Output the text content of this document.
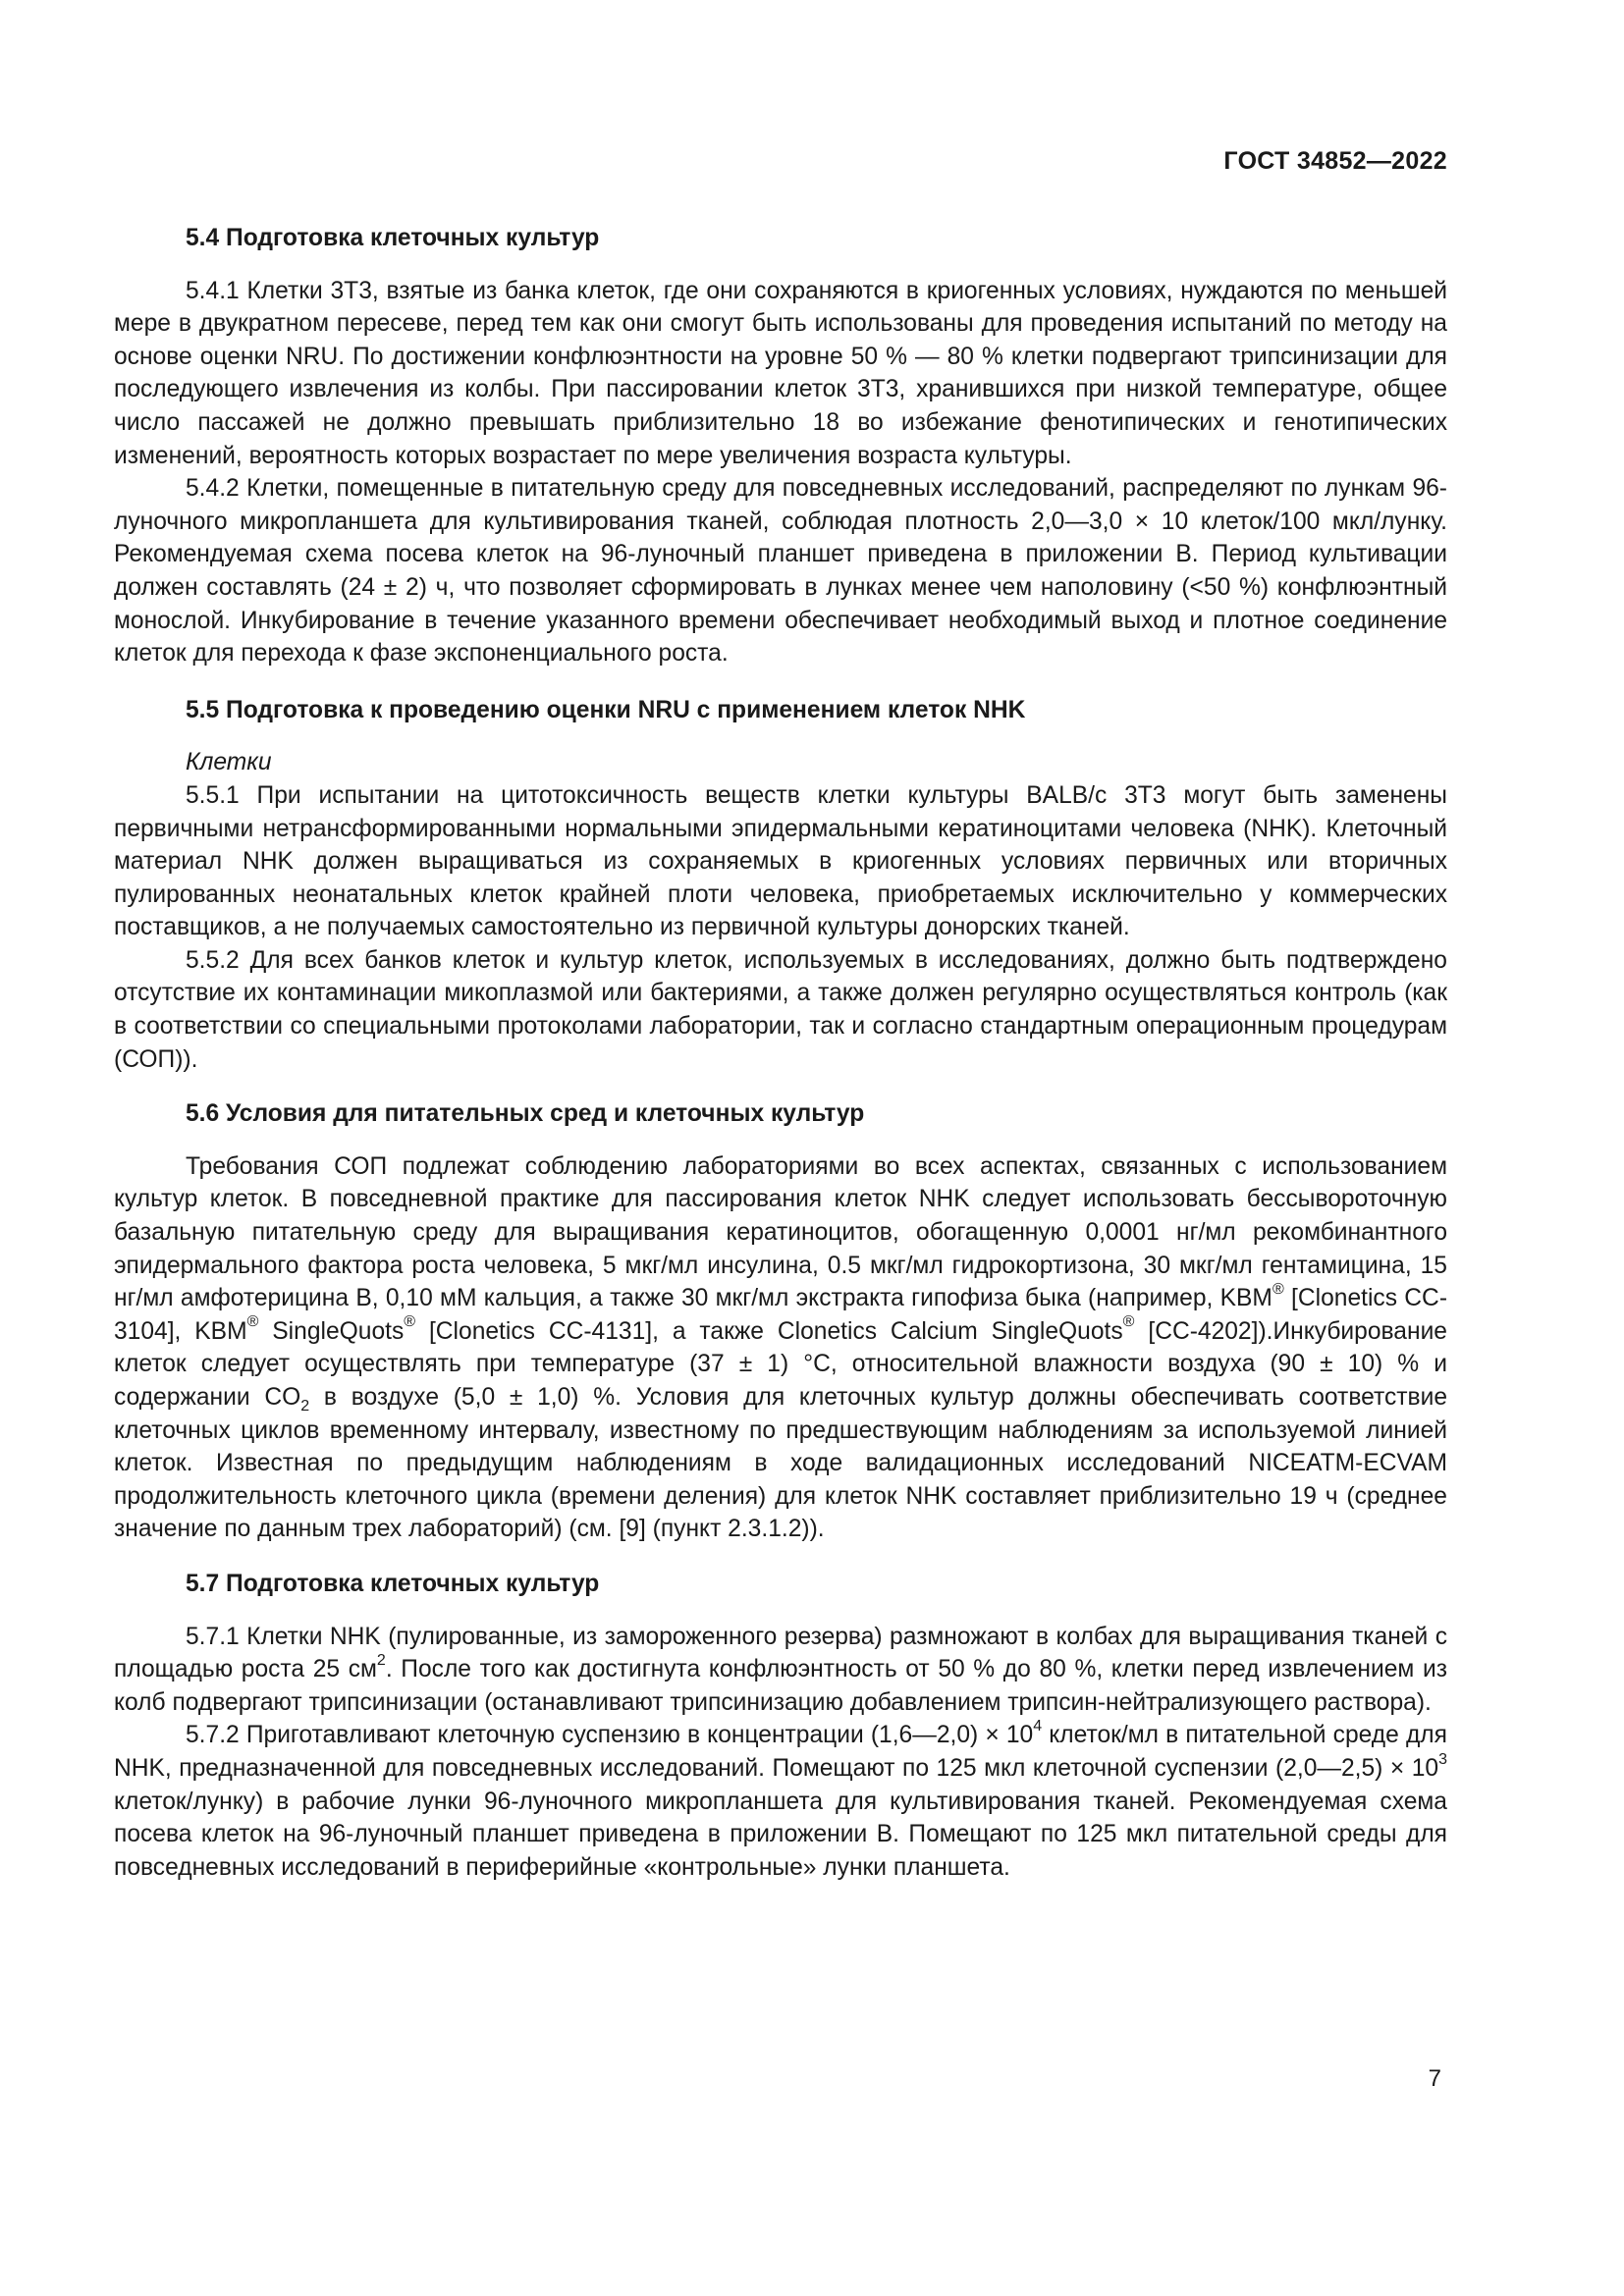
ГОСТ 34852—2022
5.4 Подготовка клеточных культур

5.4.1 Клетки 3Т3, взятые из банка клеток, где они сохраняются в криогенных условиях, нуждаются по меньшей мере в двукратном пересеве, перед тем как они смогут быть использованы для проведения испытаний по методу на основе оценки NRU. По достижении конфлюэнтности на уровне 50 % — 80 % клетки подвергают трипсинизации для последующего извлечения из колбы. При пассировании клеток 3Т3, хранившихся при низкой температуре, общее число пассажей не должно превышать приблизительно 18 во избежание фенотипических и генотипических изменений, вероятность которых возрастает по мере увеличения возраста культуры.

5.4.2 Клетки, помещенные в питательную среду для повседневных исследований, распределяют по лункам 96-луночного микропланшета для культивирования тканей, соблюдая плотность 2,0—3,0 × 10 клеток/100 мкл/лунку. Рекомендуемая схема посева клеток на 96-луночный планшет приведена в приложении В. Период культивации должен составлять (24 ± 2) ч, что позволяет сформировать в лунках менее чем наполовину (<50 %) конфлюэнтный монослой. Инкубирование в течение указанного времени обеспечивает необходимый выход и плотное соединение клеток для перехода к фазе экспоненциального роста.

5.5 Подготовка к проведению оценки NRU с применением клеток NHK

Клетки

5.5.1 При испытании на цитотоксичность веществ клетки культуры BALB/c 3T3 могут быть заменены первичными нетрансформированными нормальными эпидермальными кератиноцитами человека (NHK). Клеточный материал NHK должен выращиваться из сохраняемых в криогенных условиях первичных или вторичных пулированных неонатальных клеток крайней плоти человека, приобретаемых исключительно у коммерческих поставщиков, а не получаемых самостоятельно из первичной культуры донорских тканей.

5.5.2 Для всех банков клеток и культур клеток, используемых в исследованиях, должно быть подтверждено отсутствие их контаминации микоплазмой или бактериями, а также должен регулярно осуществляться контроль (как в соответствии со специальными протоколами лаборатории, так и согласно стандартным операционным процедурам (СОП)).

5.6 Условия для питательных сред и клеточных культур

Требования СОП подлежат соблюдению лабораториями во всех аспектах, связанных с использованием культур клеток. В повседневной практике для пассирования клеток NHK следует использовать бессывороточную базальную питательную среду для выращивания кератиноцитов, обогащенную 0,0001 нг/мл рекомбинантного эпидермального фактора роста человека, 5 мкг/мл инсулина, 0.5 мкг/мл гидрокортизона, 30 мкг/мл гентамицина, 15 нг/мл амфотерицина В, 0,10 мМ кальция, а также 30 мкг/мл экстракта гипофиза быка (например, KBM® [Clonetics CC-3104], KBM® SingleQuots® [Clonetics CC-4131], а также Clonetics Calcium SingleQuots® [CC-4202]).Инкубирование клеток следует осуществлять при температуре (37 ± 1) °C, относительной влажности воздуха (90 ± 10) % и содержании $CO_2$ в воздухе (5,0 ± 1,0) %. Условия для клеточных культур должны обеспечивать соответствие клеточных циклов временному интервалу, известному по предшествующим наблюдениям за используемой линией клеток. Известная по предыдущим наблюдениям в ходе валидационных исследований NICEATM-ECVAM продолжительность клеточного цикла (времени деления) для клеток NHK составляет приблизительно 19 ч (среднее значение по данным трех лабораторий) (см. [9] (пункт 2.3.1.2)).

5.7 Подготовка клеточных культур

5.7.1 Клетки NHK (пулированные, из замороженного резерва) размножают в колбах для выращивания тканей с площадью роста 25 $см^2$. После того как достигнута конфлюэнтность от 50 % до 80 %, клетки перед извлечением из колб подвергают трипсинизации (останавливают трипсинизацию добавлением трипсин-нейтрализующего раствора).

5.7.2 Приготавливают клеточную суспензию в концентрации (1,6—2,0) × $10^4$ клеток/мл в питательной среде для NHK, предназначенной для повседневных исследований. Помещают по 125 мкл клеточной суспензии (2,0—2,5) × $10^3$ клеток/лунку) в рабочие лунки 96-луночного микропланшета для культивирования тканей. Рекомендуемая схема посева клеток на 96-луночный планшет приведена в приложении В. Помещают по 125 мкл питательной среды для повседневных исследований в периферийные «контрольные» лунки планшета.

7
